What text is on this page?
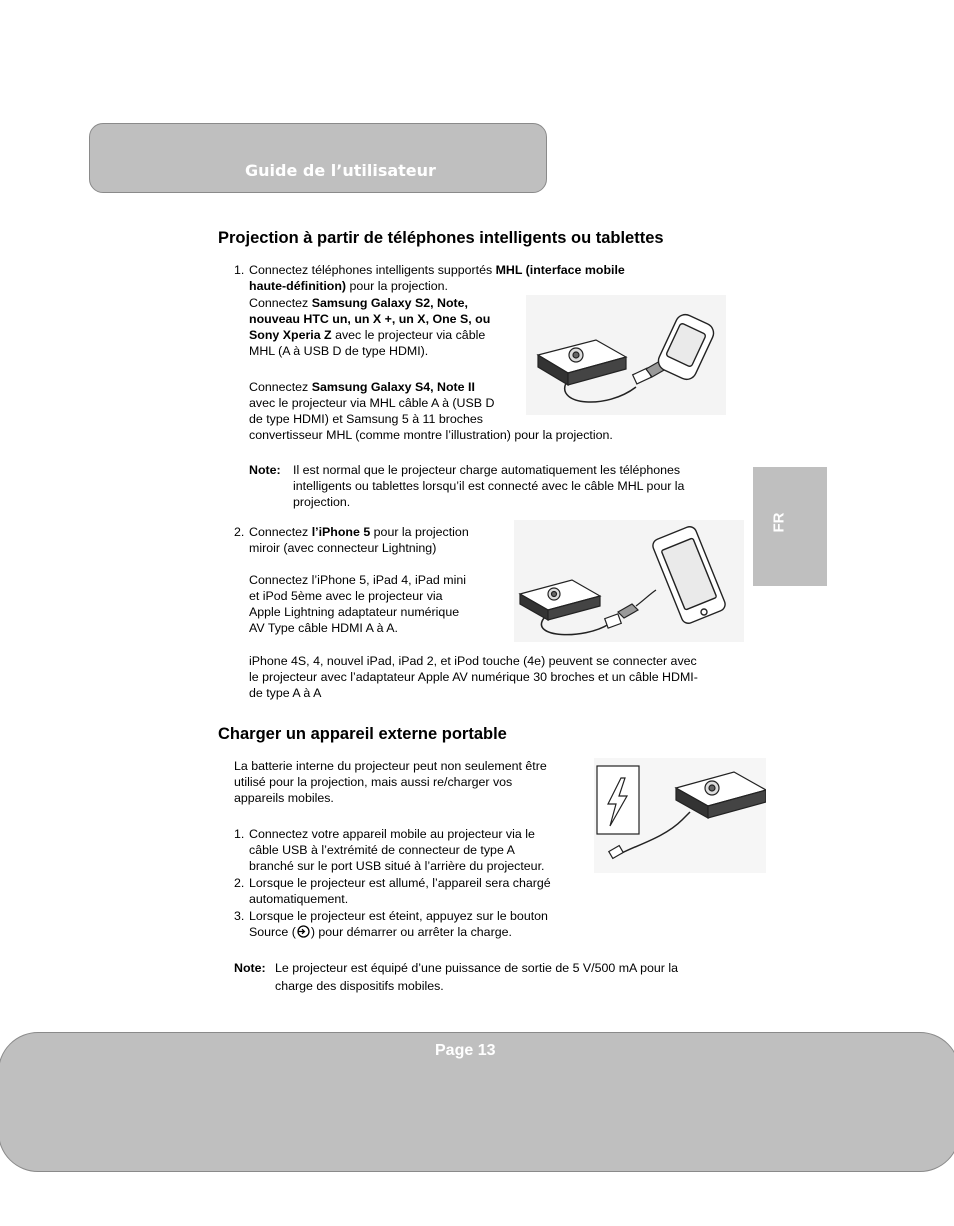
Guide de l’utilisateur
FR
Projection à partir de téléphones intelligents ou tablettes
1. Connectez téléphones intelligents supportés MHL (interface mobile
haute-définition) pour la projection.
Connectez Samsung Galaxy S2, Note,
nouveau HTC un, un X +, un X, One S, ou
Sony Xperia Z avec le projecteur via câble
MHL (A à USB D de type HDMI).
Connectez Samsung Galaxy S4, Note II
avec le projecteur via MHL câble A à (USB D
de type HDMI) et Samsung 5 à 11 broches
convertisseur MHL (comme montre l’illustration) pour la projection.
Note: Il est normal que le projecteur charge automatiquement les téléphones
intelligents ou tablettes lorsqu’il est connecté avec le câble MHL pour la
projection.
2. Connectez l’iPhone 5 pour la projection
miroir (avec connecteur Lightning)
Connectez l’iPhone 5, iPad 4, iPad mini
et iPod 5ème avec le projecteur via
Apple Lightning adaptateur numérique
AV Type câble HDMI A à A.
iPhone 4S, 4, nouvel iPad, iPad 2, et iPod touche (4e) peuvent se connecter avec
le projecteur avec l’adaptateur Apple AV numérique 30 broches et un câble HDMI-
de type A à A
Charger un appareil externe portable
La batterie interne du projecteur peut non seulement être
utilisé pour la projection, mais aussi re/charger vos
appareils mobiles.
1. Connectez votre appareil mobile au projecteur via le
câble USB à l’extrémité de connecteur de type A
branché sur le port USB situé à l’arrière du projecteur.
2. Lorsque le projecteur est allumé, l’appareil sera chargé
automatiquement.
3. Lorsque le projecteur est éteint, appuyez sur le bouton
Source ( ) pour démarrer ou arrêter la charge.
Note: Le projecteur est équipé d’une puissance de sortie de 5 V/500 mA pour la
charge des dispositifs mobiles.
Page 13
